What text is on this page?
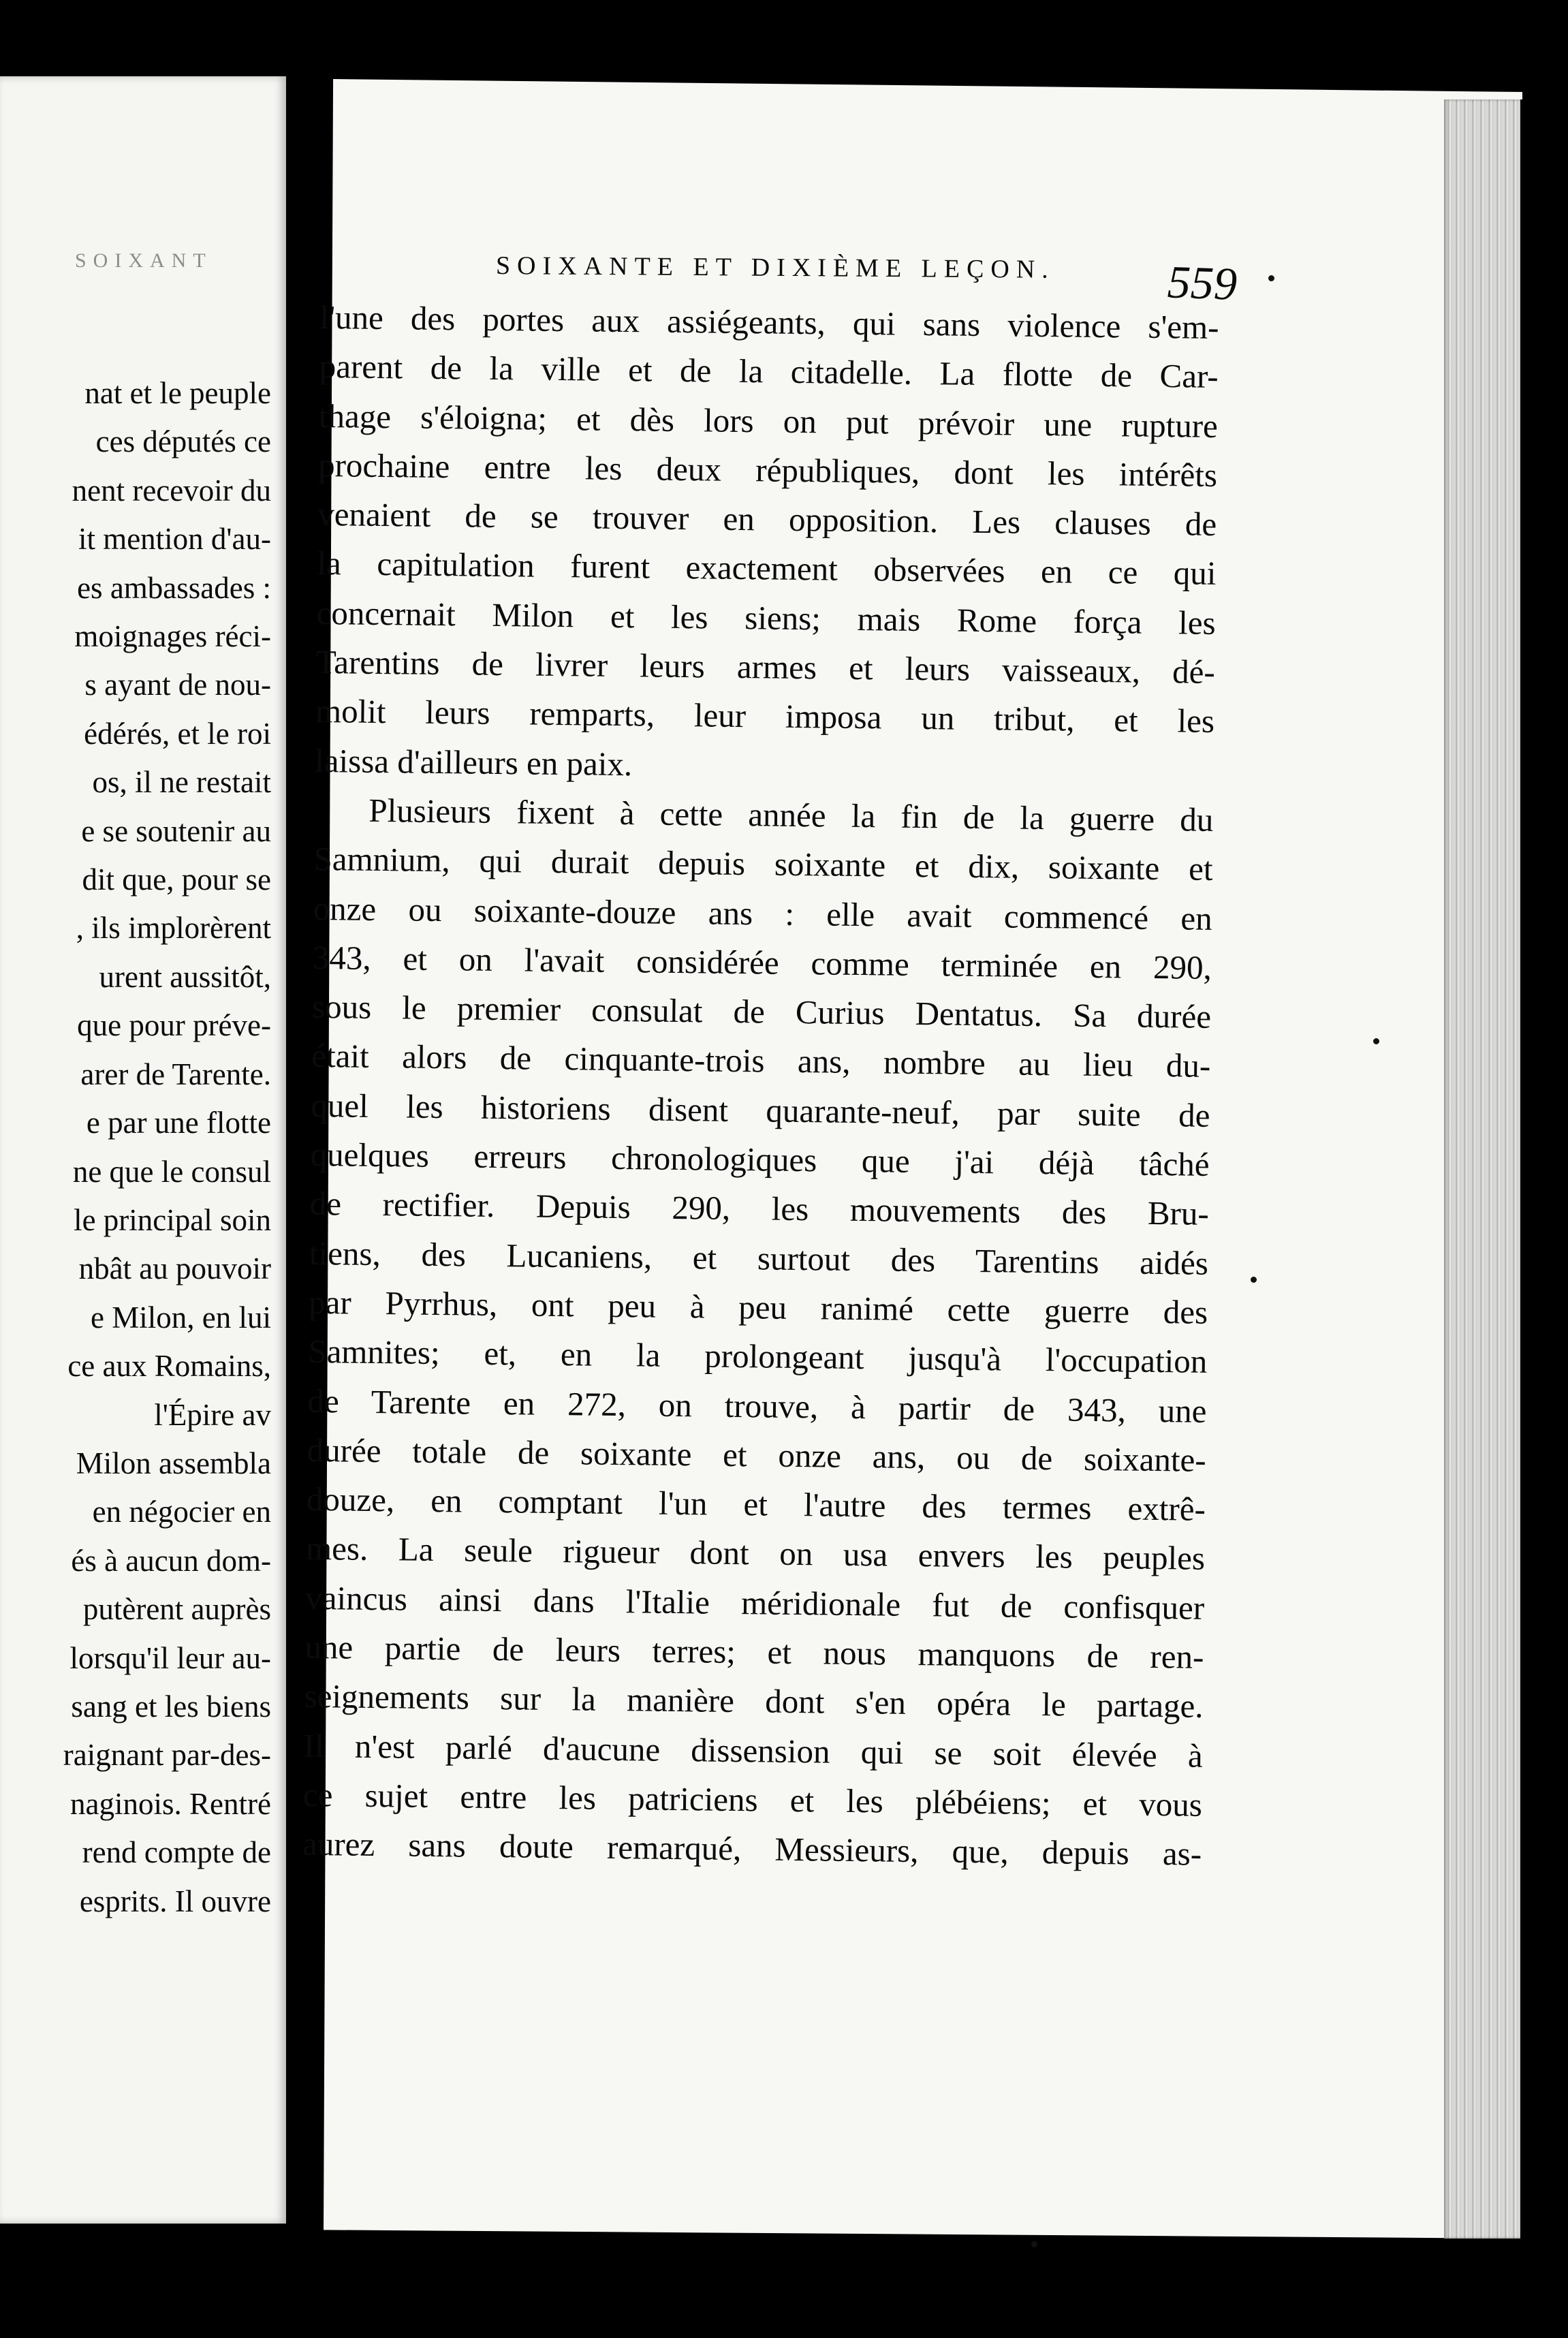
SOIXANT
nat et le peuple
ces députés ce
nent recevoir du
it mention d'au-
es ambassades :
moignages réci-
s ayant de nou-
édérés, et le roi
os, il ne restait
e se soutenir au
dit que, pour se
, ils implorèrent
urent aussitôt,
que pour préve-
arer de Tarente.
e par une flotte
ne que le consul
le principal soin
nbât au pouvoir
e Milon, en lui
ce aux Romains,
l'Épire av
Milon assembla
en négocier en
és à aucun dom-
putèrent auprès
lorsqu'il leur au-
sang et les biens
raignant par-des-
naginois. Rentré
rend compte de
esprits. Il ouvre
SOIXANTE ET DIXIÈME LEÇON. 559
l'une des portes aux assiégeants, qui sans violence s'em-
parent de la ville et de la citadelle. La flotte de Car-
thage s'éloigna; et dès lors on put prévoir une rupture
prochaine entre les deux républiques, dont les intérêts
venaient de se trouver en opposition. Les clauses de
la capitulation furent exactement observées en ce qui
concernait Milon et les siens; mais Rome força les
Tarentins de livrer leurs armes et leurs vaisseaux, dé-
molit leurs remparts, leur imposa un tribut, et les
laissa d'ailleurs en paix.
Plusieurs fixent à cette année la fin de la guerre du
Samnium, qui durait depuis soixante et dix, soixante et
onze ou soixante-douze ans : elle avait commencé en
343, et on l'avait considérée comme terminée en 290,
sous le premier consulat de Curius Dentatus. Sa durée
était alors de cinquante-trois ans, nombre au lieu du-
quel les historiens disent quarante-neuf, par suite de
quelques erreurs chronologiques que j'ai déjà tâché
de rectifier. Depuis 290, les mouvements des Bru-
tiens, des Lucaniens, et surtout des Tarentins aidés
par Pyrrhus, ont peu à peu ranimé cette guerre des
Samnites; et, en la prolongeant jusqu'à l'occupation
de Tarente en 272, on trouve, à partir de 343, une
durée totale de soixante et onze ans, ou de soixante-
douze, en comptant l'un et l'autre des termes extrê-
mes. La seule rigueur dont on usa envers les peuples
vaincus ainsi dans l'Italie méridionale fut de confisquer
une partie de leurs terres; et nous manquons de ren-
seignements sur la manière dont s'en opéra le partage.
Il n'est parlé d'aucune dissension qui se soit élevée à
ce sujet entre les patriciens et les plébéiens; et vous
aurez sans doute remarqué, Messieurs, que, depuis as-
